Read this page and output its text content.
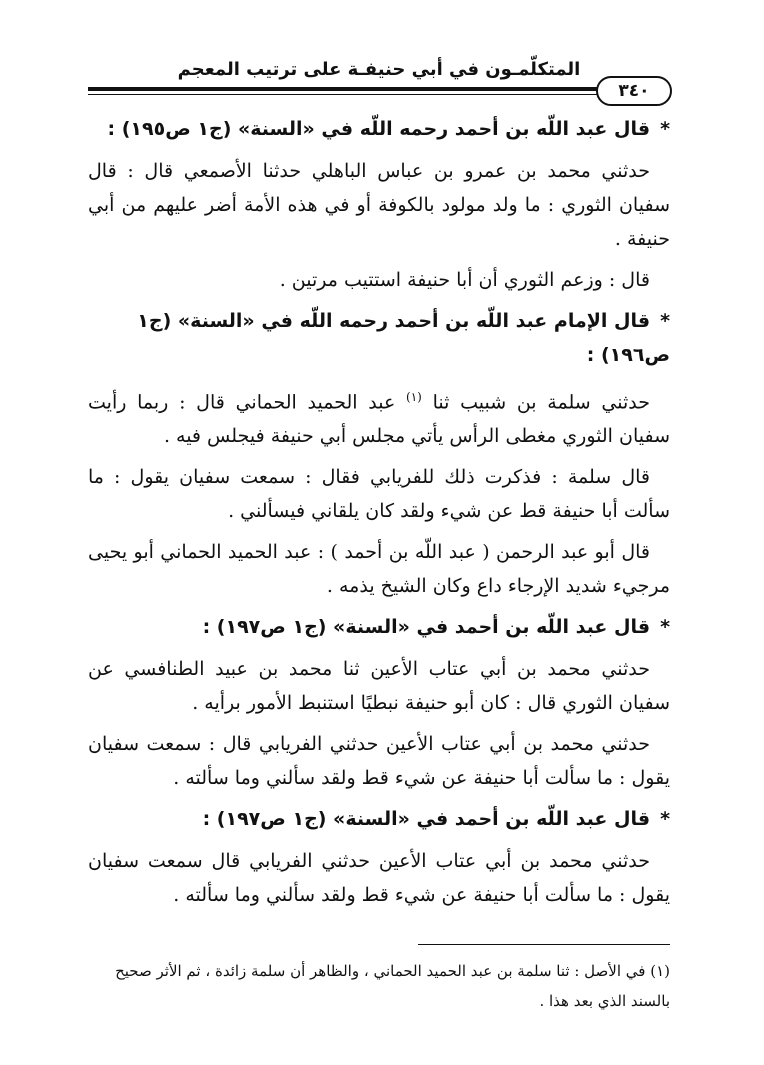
المتكلّمـون في أبي حنيفـة على ترتيب المعجم
٣٤٠
*قال عبد اللّه بن أحمد رحمه اللّه في «السنة» (ج١ ص١٩٥) :
حدثني محمد بن عمرو بن عباس الباهلي حدثنا الأصمعي قال : قال سفيان الثوري : ما ولد مولود بالكوفة أو في هذه الأمة أضر عليهم من أبي حنيفة .
قال : وزعم الثوري أن أبا حنيفة استتيب مرتين .
*قال الإمام عبد اللّه بن أحمد رحمه اللّه في «السنة» (ج١ ص١٩٦) :
حدثني سلمة بن شبيب ثنا $^{(١)}$ عبد الحميد الحماني قال : ربما رأيت سفيان الثوري مغطى الرأس يأتي مجلس أبي حنيفة فيجلس فيه .
قال سلمة : فذكرت ذلك للفريابي فقال : سمعت سفيان يقول : ما سألت أبا حنيفة قط عن شيء ولقد كان يلقاني فيسألني .
قال أبو عبد الرحمن ( عبد اللّه بن أحمد ) : عبد الحميد الحماني أبو يحيى مرجيء شديد الإرجاء داع وكان الشيخ يذمه .
*قال عبد اللّه بن أحمد في «السنة» (ج١ ص١٩٧) :
حدثني محمد بن أبي عتاب الأعين ثنا محمد بن عبيد الطنافسي عن سفيان الثوري قال : كان أبو حنيفة نبطيًا استنبط الأمور برأيه .
حدثني محمد بن أبي عتاب الأعين حدثني الفريابي قال : سمعت سفيان يقول : ما سألت أبا حنيفة عن شيء قط ولقد سألني وما سألته .
*قال عبد اللّه بن أحمد في «السنة» (ج١ ص١٩٧) :
حدثني محمد بن أبي عتاب الأعين حدثني الفريابي قال سمعت سفيان يقول : ما سألت أبا حنيفة عن شيء قط ولقد سألني وما سألته .
(١) في الأصل : ثنا سلمة بن عبد الحميد الحماني ، والظاهر أن سلمة زائدة ، ثم الأثر صحيح بالسند الذي بعد هذا .
